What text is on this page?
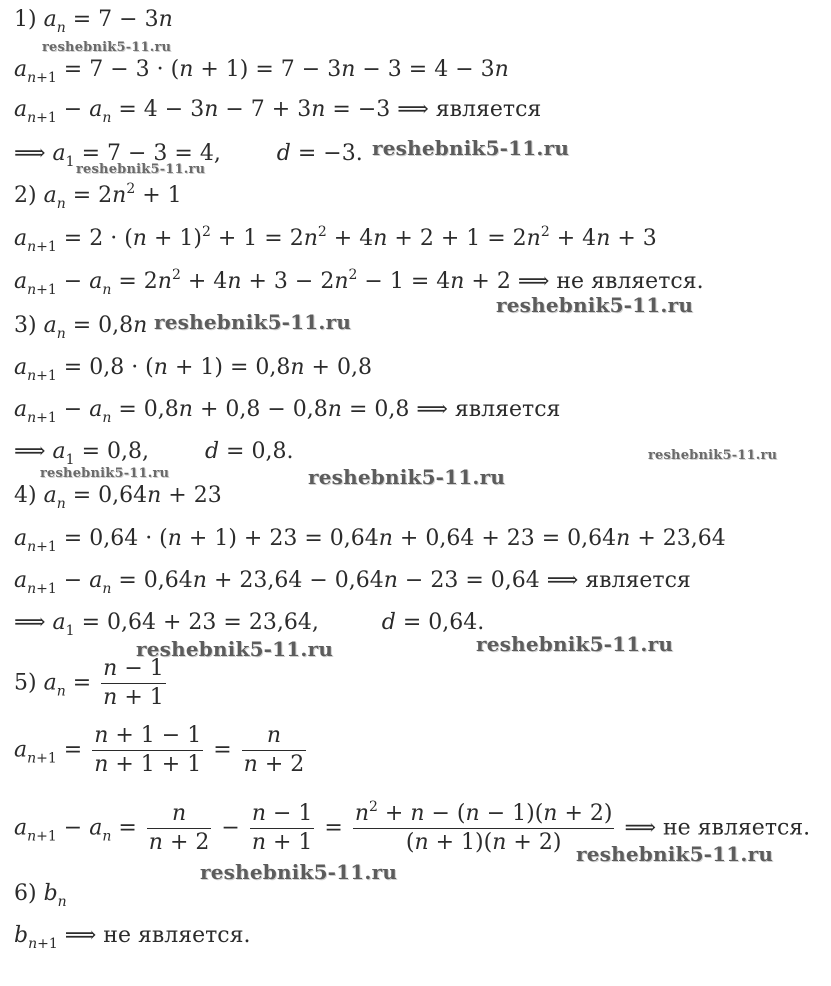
1) $a_n = 7 - 3n$
$a_{n+1} = 7 - 3 \cdot (n + 1) = 7 - 3n - 3 = 4 - 3n$
$a_{n+1} - a_n = 4 - 3n - 7 + 3n = -3$ ⟹ является
⟹ $a_1 = 7 - 3 = 4$,        d = −3.
2) $a_n = 2n^2 + 1$
$a_{n+1} = 2 \cdot (n + 1)^2 + 1 = 2n^2 + 4n + 2 + 1 = 2n^2 + 4n + 3$
$a_{n+1} - a_n = 2n^2 + 4n + 3 - 2n^2 - 1 = 4n + 2$ ⟹ не является.
3) $a_n = 0,8n$
$a_{n+1} = 0,8 \cdot (n + 1) = 0,8n + 0,8$
$a_{n+1} - a_n = 0,8n + 0,8 - 0,8n = 0,8$ ⟹ является
⟹ $a_1 = 0,8$,        d = 0,8.
4) $a_n = 0,64n + 23$
$a_{n+1} = 0,64 \cdot (n + 1) + 23 = 0,64n + 0,64 + 23 = 0,64n + 23,64$
$a_{n+1} - a_n = 0,64n + 23,64 - 0,64n - 23 = 0,64$ ⟹ является
⟹ $a_1 = 0,64 + 23 = 23,64$,         d = 0,64.
5) $a_n = \frac{n - 1}{n + 1}$
$a_{n+1} = \frac{n + 1 - 1}{n + 1 + 1} = \frac{n}{n + 2}$
$a_{n+1} - a_n = \frac{n}{n + 2} - \frac{n - 1}{n + 1} = \frac{n^2 + n - (n - 1)(n + 2)}{(n + 1)(n + 2)}$ ⟹ не является.
6) $b_n$
$b_{n+1}$ ⟹ не является.
reshebnik5-11.ru
reshebnik5-11.ru
reshebnik5-11.ru
reshebnik5-11.ru
reshebnik5-11.ru
reshebnik5-11.ru
reshebnik5-11.ru	reshebnik5-11.ru
reshebnik5-11.ru
reshebnik5-11.ru
reshebnik5-11.ru
reshebnik5-11.ru
